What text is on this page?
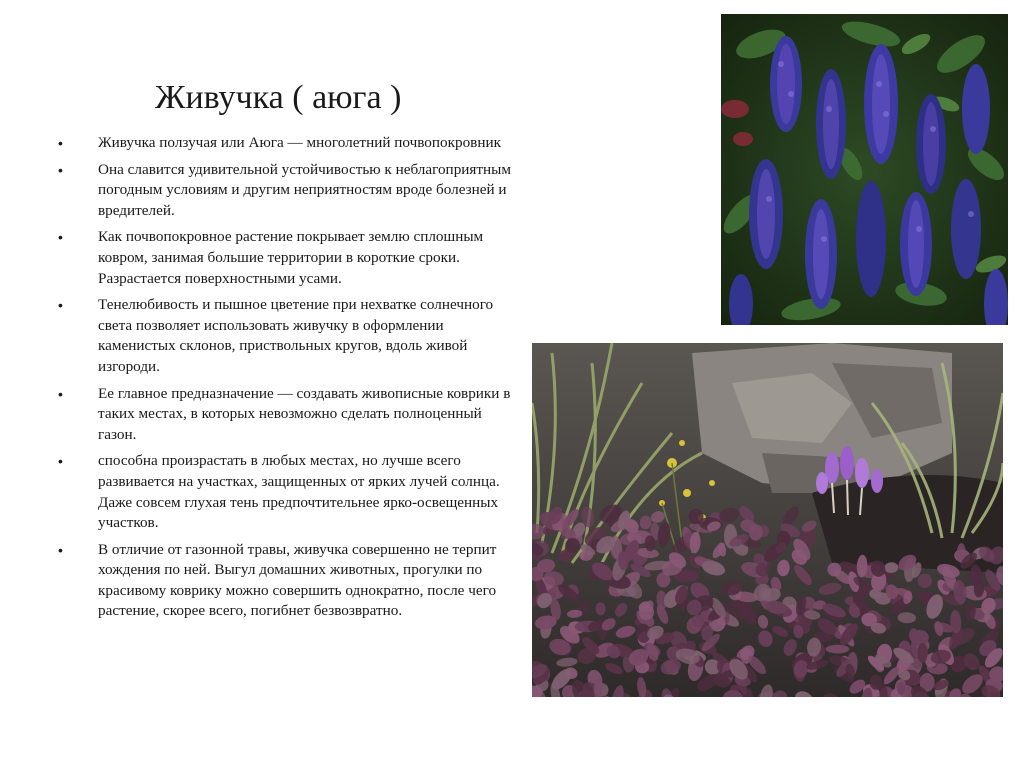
Живучка ( аюга )
• Живучка ползучая или Аюга — многолетний почвопокровник
• Она славится удивительной устойчивостью к неблагоприятным погодным условиям и другим неприятностям вроде болезней и вредителей.
• Как почвопокровное растение покрывает землю сплошным ковром, занимая большие территории в короткие сроки. Разрастается поверхностными усами.
• Тенелюбивость и пышное цветение при нехватке солнечного света позволяет использовать живучку в оформлении каменистых склонов, приствольных кругов, вдоль живой изгороди.
• Ее главное предназначение — создавать живописные коврики в таких местах, в которых невозможно сделать полноценный газон.
• способна произрастать в любых местах, но лучше всего развивается на участках, защищенных от ярких лучей солнца. Даже совсем глухая тень предпочтительнее ярко-освещенных участков.
• В отличие от газонной травы, живучка совершенно не терпит хождения по ней. Выгул домашних животных, прогулки по красивому коврику можно совершить однократно, после чего растение, скорее всего, погибнет безвозвратно.
